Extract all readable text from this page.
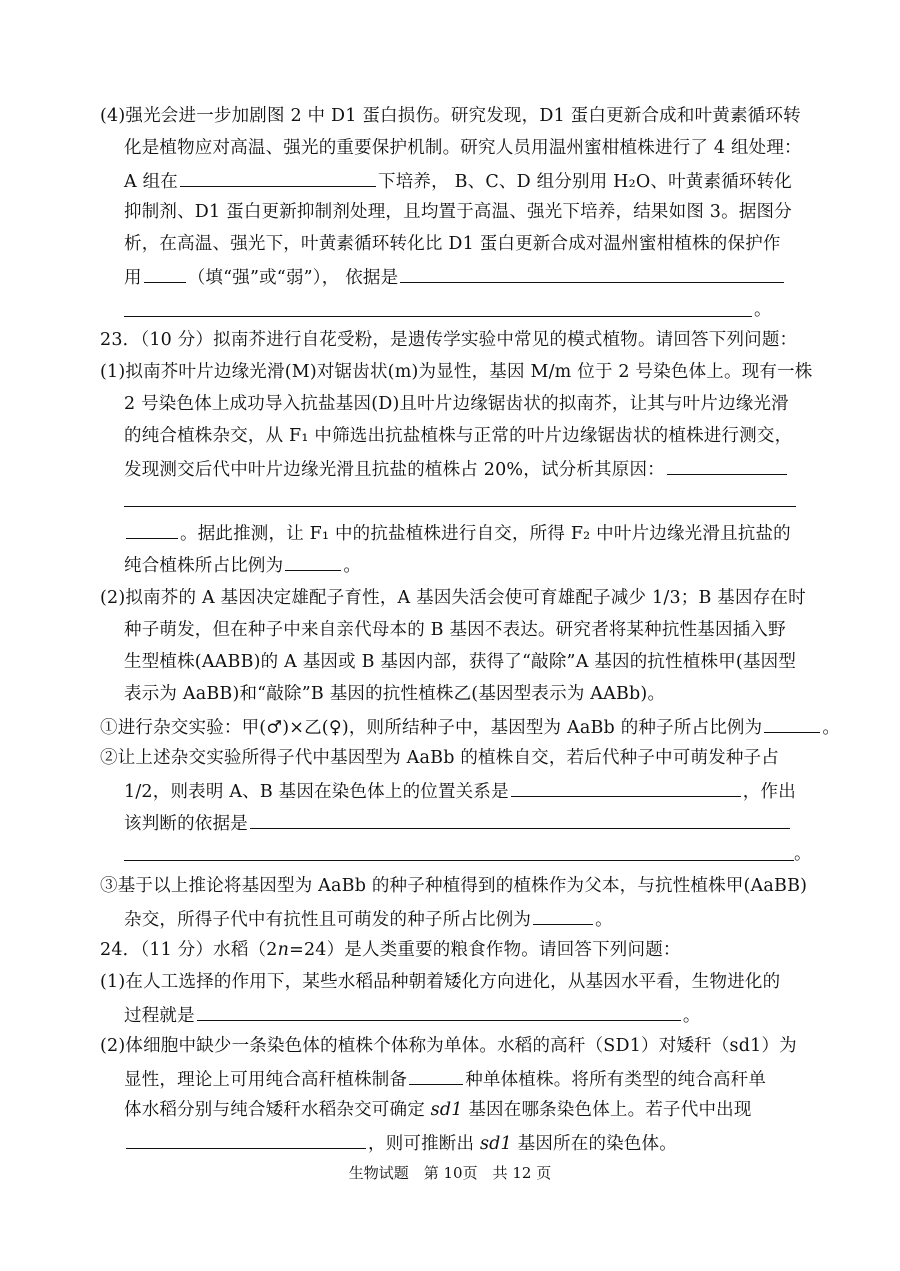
(4)强光会进一步加剧图 2 中 D1 蛋白损伤。研究发现，D1 蛋白更新合成和叶黄素循环转
化是植物应对高温、强光的重要保护机制。研究人员用温州蜜柑植株进行了 4 组处理：
A 组在	下培养， B、C、D 组分别用 H₂O、叶黄素循环转化
抑制剂、D1 蛋白更新抑制剂处理，且均置于高温、强光下培养，结果如图 3。据图分
析，在高温、强光下，叶黄素循环转化比 D1 蛋白更新合成对温州蜜柑植株的保护作
用	（填“强”或“弱”）， 依据是
。
23．（10 分）拟南芥进行自花受粉，是遗传学实验中常见的模式植物。请回答下列问题：
(1)拟南芥叶片边缘光滑(M)对锯齿状(m)为显性，基因 M/m 位于 2 号染色体上。现有一株
2 号染色体上成功导入抗盐基因(D)且叶片边缘锯齿状的拟南芥，让其与叶片边缘光滑
的纯合植株杂交，从 F₁ 中筛选出抗盐植株与正常的叶片边缘锯齿状的植株进行测交，
发现测交后代中叶片边缘光滑且抗盐的植株占 20%，试分析其原因：
。据此推测，让 F₁ 中的抗盐植株进行自交，所得 F₂ 中叶片边缘光滑且抗盐的
纯合植株所占比例为	。
(2)拟南芥的 A 基因决定雄配子育性，A 基因失活会使可育雄配子减少 1/3；B 基因存在时
种子萌发，但在种子中来自亲代母本的 B 基因不表达。研究者将某种抗性基因插入野
生型植株(AABB)的 A 基因或 B 基因内部，获得了“敲除”A 基因的抗性植株甲(基因型
表示为 AaBB)和“敲除”B 基因的抗性植株乙(基因型表示为 AABb)。
①进行杂交实验：甲(♂)×乙(♀)，则所结种子中，基因型为 AaBb 的种子所占比例为	。
②让上述杂交实验所得子代中基因型为 AaBb 的植株自交，若后代种子中可萌发种子占
1/2，则表明 A、B 基因在染色体上的位置关系是	，作出
该判断的依据是
。
③基于以上推论将基因型为 AaBb 的种子种植得到的植株作为父本，与抗性植株甲(AaBB)
杂交，所得子代中有抗性且可萌发的种子所占比例为	。
24．（11 分）水稻（2n=24）是人类重要的粮食作物。请回答下列问题：
(1)在人工选择的作用下，某些水稻品种朝着矮化方向进化，从基因水平看，生物进化的
过程就是	。
(2)体细胞中缺少一条染色体的植株个体称为单体。水稻的高秆（SD1）对矮秆（sd1）为
显性，理论上可用纯合高秆植株制备	种单体植株。将所有类型的纯合高秆单
体水稻分别与纯合矮秆水稻杂交可确定 sd1 基因在哪条染色体上。若子代中出现
，则可推断出 sd1 基因所在的染色体。
生物试题　第 10页　共 12 页
